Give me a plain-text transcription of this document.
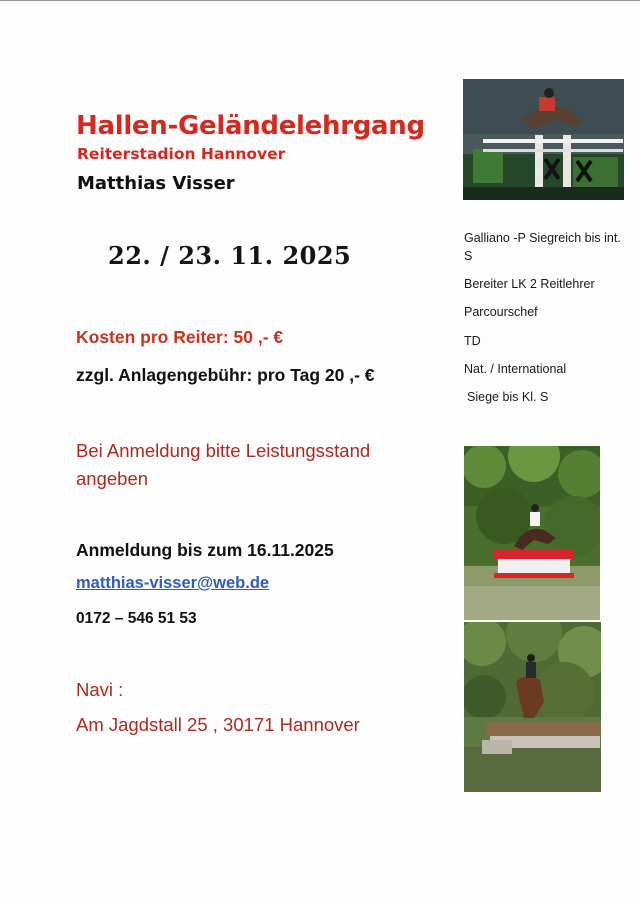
Hallen-Geländelehrgang
Reiterstadion Hannover
Matthias Visser
22. / 23. 11. 2025
Kosten pro Reiter: 50 ,- €
zzgl. Anlagengebühr: pro Tag 20 ,- €
Bei Anmeldung bitte Leistungsstand angeben
Anmeldung bis zum 16.11.2025
matthias-visser@web.de
0172 – 546 51 53
Navi :
Am Jagdstall 25 , 30171 Hannover
Galliano -P Siegreich bis int. S
Bereiter LK 2 Reitlehrer
Parcourschef
TD
Nat. / International
Siege bis Kl. S
